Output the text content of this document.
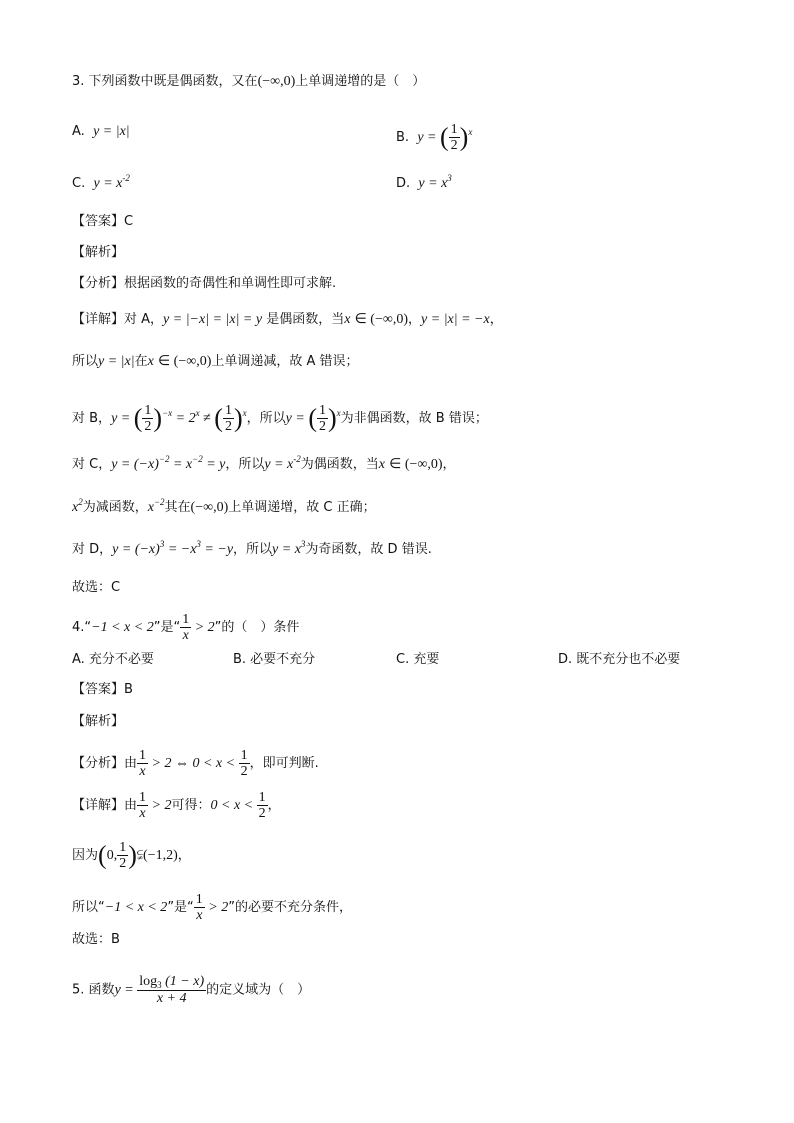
3. 下列函数中既是偶函数，又在(−∞,0)上单调递增的是（　）
A. y = |x|	B. y = ( $\frac{1}{2} )^x$
C. $y = x^{-2}$	D. $y = x^3$
【答案】C
【解析】
【分析】根据函数的奇偶性和单调性即可求解.
【详解】对 A，y = |−x| = |x| = y 是偶函数，当x ∈ (−∞,0)，y = |x| = −x，
所以y = |x|在x ∈ (−∞,0)上单调递减，故 A 错误；
对 B，y = ( $\frac{1}{2} )^{-x} = 2^x$ ≠ ( $\frac{1}{2} )^x$，所以y = ( $\frac{1}{2} )^x$为非偶函数，故 B 错误；
对 C，$y = (-x)^{-2} = x^{-2} = y$，所以$y = x^{-2}$为偶函数，当x ∈ (−∞,0)，
$x^2$为减函数，$x^{-2}$其在(−∞,0)上单调递增，故 C 正确；
对 D，$y = (-x)^3 = -x^3 = -y$，所以$y = x^3$为奇函数，故 D 错误.
故选：C
4.“−1 < x < 2”是“ $\frac{1}{x} > 2$”的（　）条件
A. 充分不必要	B. 必要不充分	C. 充要	D. 既不充分也不必要
【答案】B
【解析】
【分析】由 $\frac{1}{x} > 2$ ⇔ $0 < x < \frac{1}{2}$ ，即可判断.
【详解】由 $\frac{1}{x} > 2$可得：$0 < x < \frac{1}{2}$ ，
因为(0, $\frac{1}{2}$ )⫋(−1,2)，
所以“−1 < x < 2”是“ $\frac{1}{x} > 2$”的必要不充分条件，
故选：B
5. 函数$y = \frac{\log_3 (1 - x)}{x + 4}$ 的定义域为（　）
